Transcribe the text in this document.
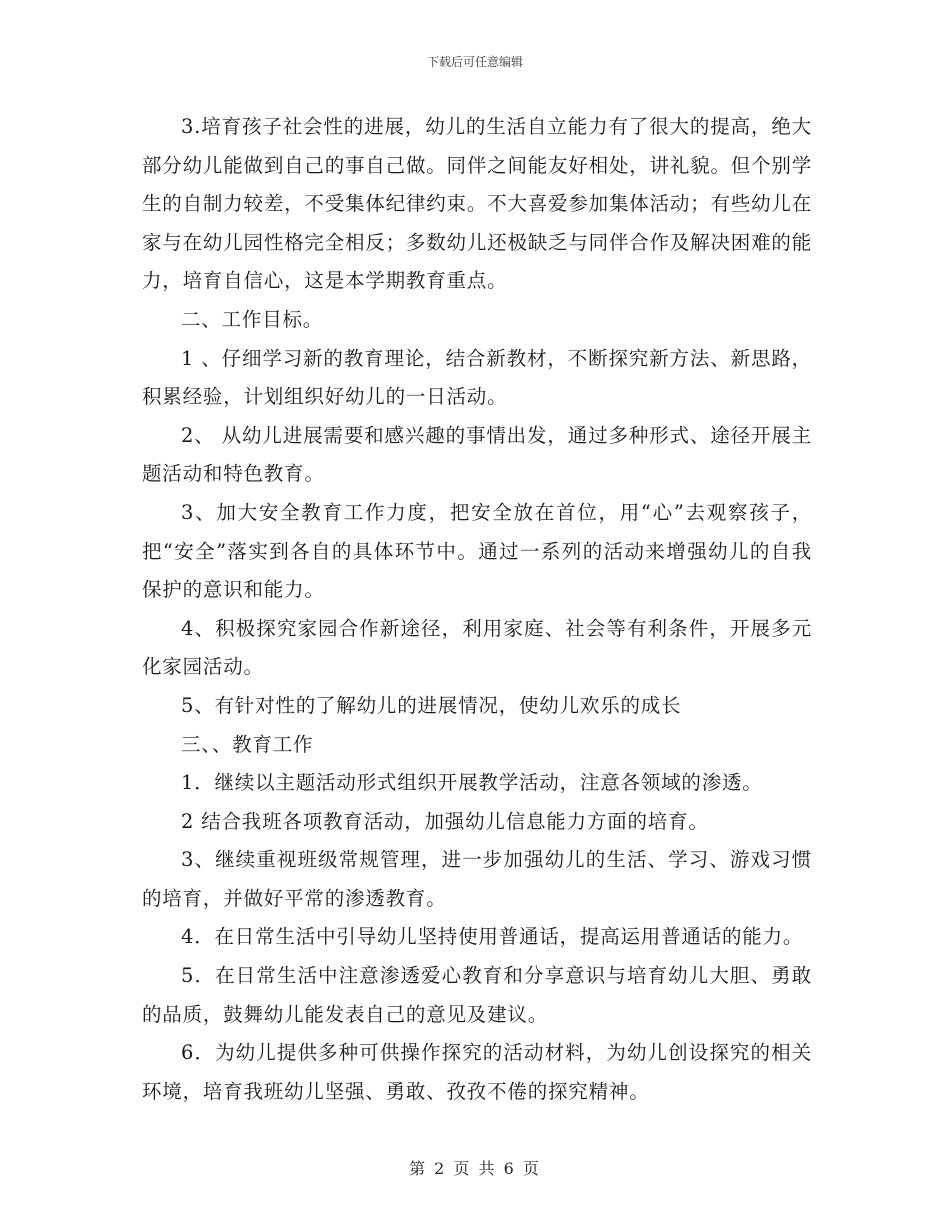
下载后可任意编辑

3.培育孩子社会性的进展，幼儿的生活自立能力有了很大的提高，绝大部分幼儿能做到自己的事自己做。同伴之间能友好相处，讲礼貌。但个别学生的自制力较差，不受集体纪律约束。不大喜爱参加集体活动；有些幼儿在家与在幼儿园性格完全相反；多数幼儿还极缺乏与同伴合作及解决困难的能力，培育自信心，这是本学期教育重点。

二、工作目标。

1 、仔细学习新的教育理论，结合新教材，不断探究新方法、新思路，积累经验，计划组织好幼儿的一日活动。

2、 从幼儿进展需要和感兴趣的事情出发，通过多种形式、途径开展主题活动和特色教育。

3、加大安全教育工作力度，把安全放在首位，用“心”去观察孩子，把“安全”落实到各自的具体环节中。通过一系列的活动来增强幼儿的自我保护的意识和能力。

4、积极探究家园合作新途径，利用家庭、社会等有利条件，开展多元化家园活动。

5、有针对性的了解幼儿的进展情况，使幼儿欢乐的成长

三、、教育工作

1．继续以主题活动形式组织开展教学活动，注意各领域的渗透。

2 结合我班各项教育活动，加强幼儿信息能力方面的培育。

3、继续重视班级常规管理，进一步加强幼儿的生活、学习、游戏习惯的培育，并做好平常的渗透教育。

4．在日常生活中引导幼儿坚持使用普通话，提高运用普通话的能力。

5．在日常生活中注意渗透爱心教育和分享意识与培育幼儿大胆、勇敢的品质，鼓舞幼儿能发表自己的意见及建议。

6．为幼儿提供多种可供操作探究的活动材料，为幼儿创设探究的相关环境，培育我班幼儿坚强、勇敢、孜孜不倦的探究精神。

第 2 页 共 6 页
